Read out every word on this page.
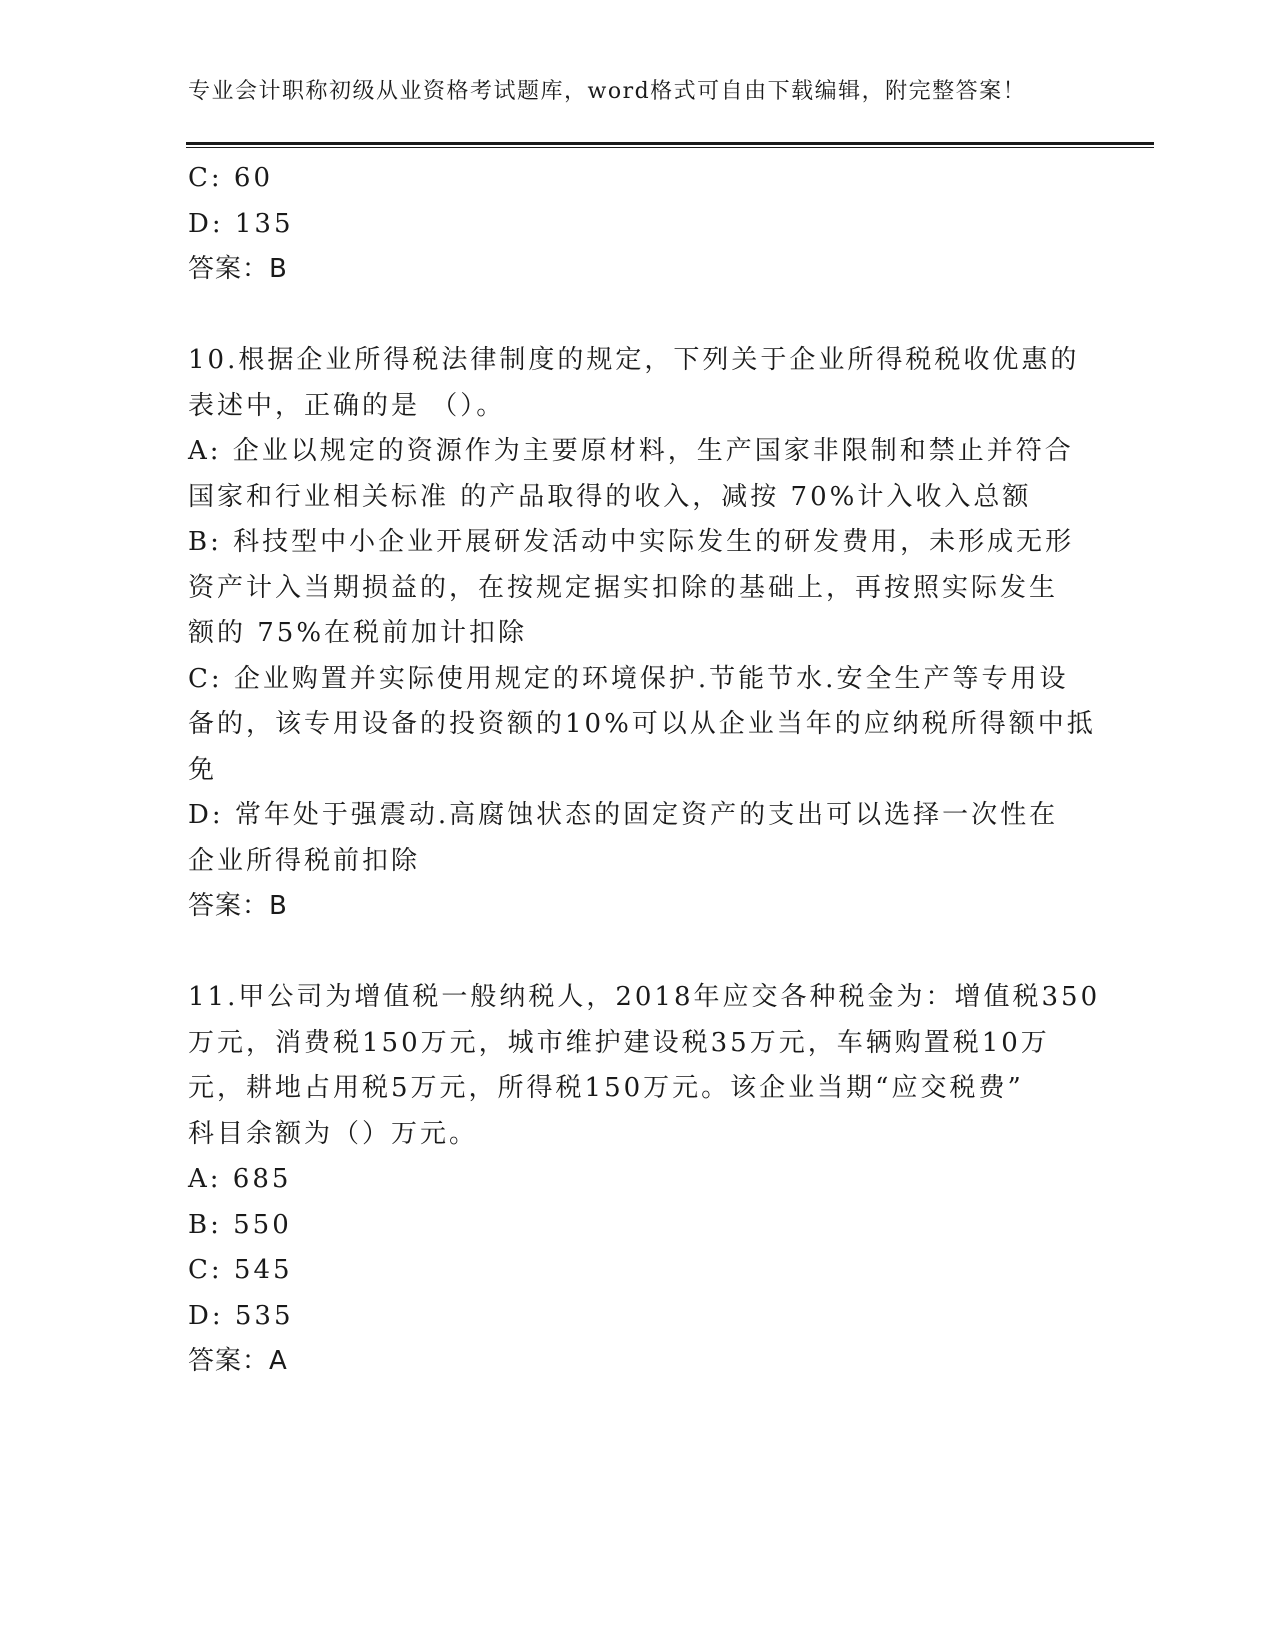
专业会计职称初级从业资格考试题库，word格式可自由下载编辑，附完整答案！
C: 60
D: 135
答案：B
10.根据企业所得税法律制度的规定，下列关于企业所得税税收优惠的
表述中，正确的是 （）。
A: 企业以规定的资源作为主要原材料，生产国家非限制和禁止并符合
国家和行业相关标准 的产品取得的收入，减按 70%计入收入总额
B: 科技型中小企业开展研发活动中实际发生的研发费用，未形成无形
资产计入当期损益的，在按规定据实扣除的基础上，再按照实际发生
额的 75%在税前加计扣除
C: 企业购置并实际使用规定的环境保护.节能节水.安全生产等专用设
备的，该专用设备的投资额的10%可以从企业当年的应纳税所得额中抵
免
D: 常年处于强震动.高腐蚀状态的固定资产的支出可以选择一次性在
企业所得税前扣除
答案：B
11.甲公司为增值税一般纳税人，2018年应交各种税金为：增值税350
万元，消费税150万元，城市维护建设税35万元，车辆购置税10万
元，耕地占用税5万元，所得税150万元。该企业当期“应交税费”
科目余额为（）万元。
A: 685
B: 550
C: 545
D: 535
答案：A
